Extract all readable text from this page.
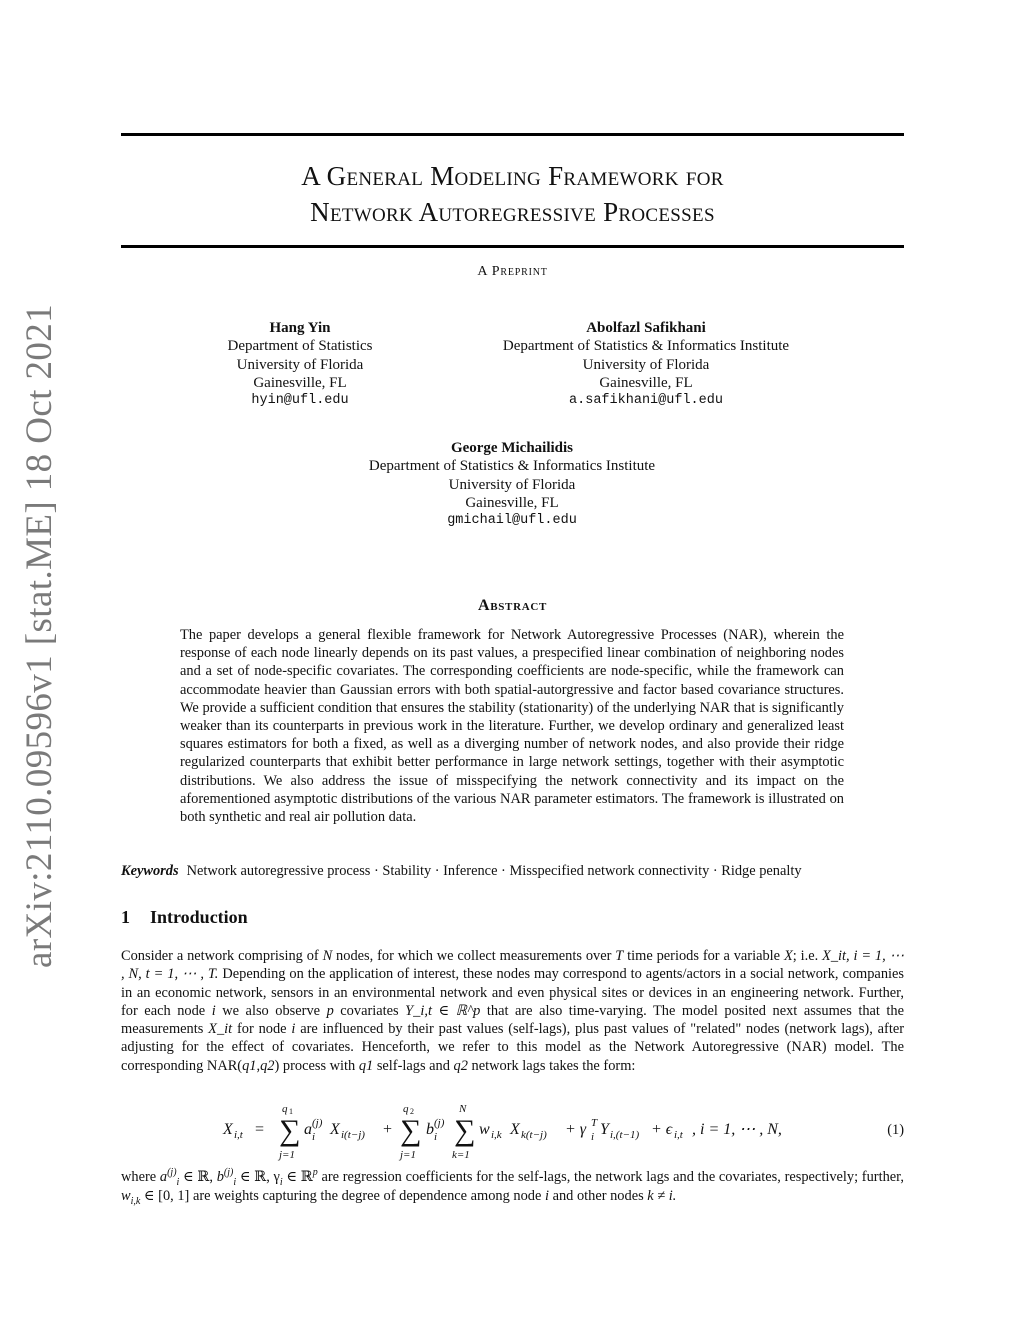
arXiv:2110.09596v1 [stat.ME] 18 Oct 2021
A General Modeling Framework for
Network Autoregressive Processes
A Preprint
Hang Yin
Department of Statistics
University of Florida
Gainesville, FL
hyin@ufl.edu
Abolfazl Safikhani
Department of Statistics & Informatics Institute
University of Florida
Gainesville, FL
a.safikhani@ufl.edu
George Michailidis
Department of Statistics & Informatics Institute
University of Florida
Gainesville, FL
gmichail@ufl.edu
Abstract
The paper develops a general flexible framework for Network Autoregressive Processes (NAR), wherein the response of each node linearly depends on its past values, a prespecified linear combination of neighboring nodes and a set of node-specific covariates. The corresponding coefficients are node-specific, while the framework can accommodate heavier than Gaussian errors with both spatial-autorgressive and factor based covariance structures. We provide a sufficient condition that ensures the stability (stationarity) of the underlying NAR that is significantly weaker than its counterparts in previous work in the literature. Further, we develop ordinary and generalized least squares estimators for both a fixed, as well as a diverging number of network nodes, and also provide their ridge regularized counterparts that exhibit better performance in large network settings, together with their asymptotic distributions. We also address the issue of misspecifying the network connectivity and its impact on the aforementioned asymptotic distributions of the various NAR parameter estimators. The framework is illustrated on both synthetic and real air pollution data.
Keywords Network autoregressive process · Stability · Inference · Misspecified network connectivity · Ridge penalty
1 Introduction
Consider a network comprising of N nodes, for which we collect measurements over T time periods for a variable X; i.e. X_it, i = 1, ⋯ , N, t = 1, ⋯ , T. Depending on the application of interest, these nodes may correspond to agents/actors in a social network, companies in an economic network, sensors in an environmental network and even physical sites or devices in an engineering network. Further, for each node i we also observe p covariates Y_i,t ∈ ℝ^p that are also time-varying. The model posited next assumes that the measurements X_it for node i are influenced by their past values (self-lags), plus past values of "related" nodes (network lags), after adjusting for the effect of covariates. Henceforth, we refer to this model as the Network Autoregressive (NAR) model. The corresponding NAR(q1,q2) process with q1 self-lags and q2 network lags takes the form:
X i,t = ∑
q 1
j=1
a (j)
i X i(t−j) + ∑
q 2
j=1
b (j)
i ∑
N
k=1
w i,k X k(t−j) + γ T
i Y i,(t−1) + ϵ i,t , i = 1, ⋯ , N,	(1)
where $a^{(j)}_i$ ∈ ℝ, $b^{(j)}_i$ ∈ ℝ, $\gamma_i$ ∈ ℝ$^p$ are regression coefficients for the self-lags, the network lags and the covariates, respectively; further, $w_{i,k}$ ∈ [0, 1] are weights capturing the degree of dependence among node i and other nodes k ≠ i.
